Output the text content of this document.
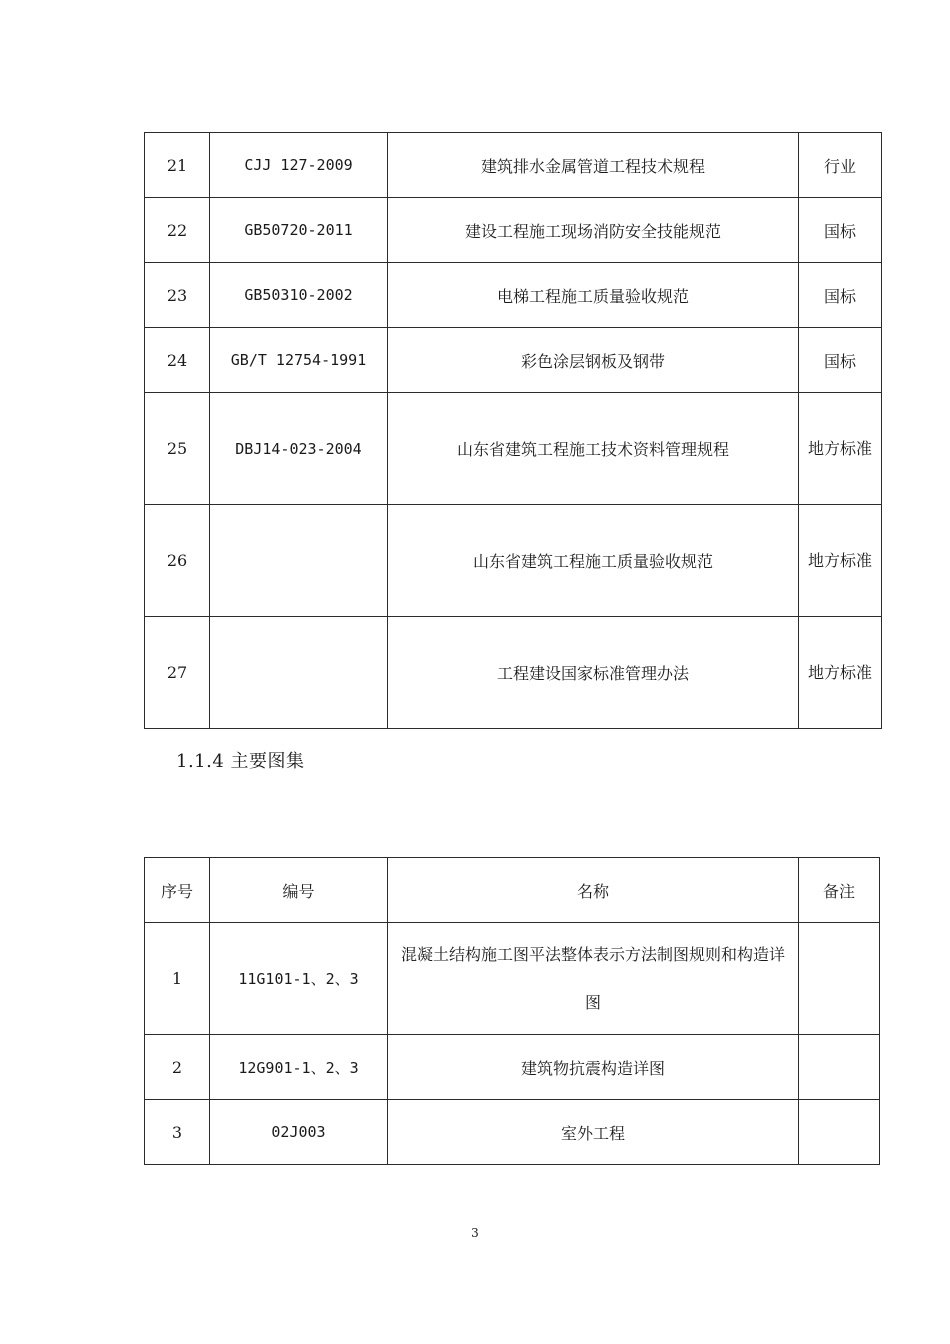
21	CJJ 127-2009	建筑排水金属管道工程技术规程	行业
22	GB50720-2011	建设工程施工现场消防安全技能规范	国标
23	GB50310-2002	电梯工程施工质量验收规范	国标
24	GB/T 12754-1991	彩色涂层钢板及钢带	国标
25	DBJ14-023-2004	山东省建筑工程施工技术资料管理规程	地方标准
26		山东省建筑工程施工质量验收规范	地方标准
27		工程建设国家标准管理办法	地方标准
1.1.4 主要图集
序号	编号	名称	备注
1	11G101-1、2、3	混凝土结构施工图平法整体表示方法制图规则和构造详图	
2	12G901-1、2、3	建筑物抗震构造详图	
3	02J003	室外工程	
3
